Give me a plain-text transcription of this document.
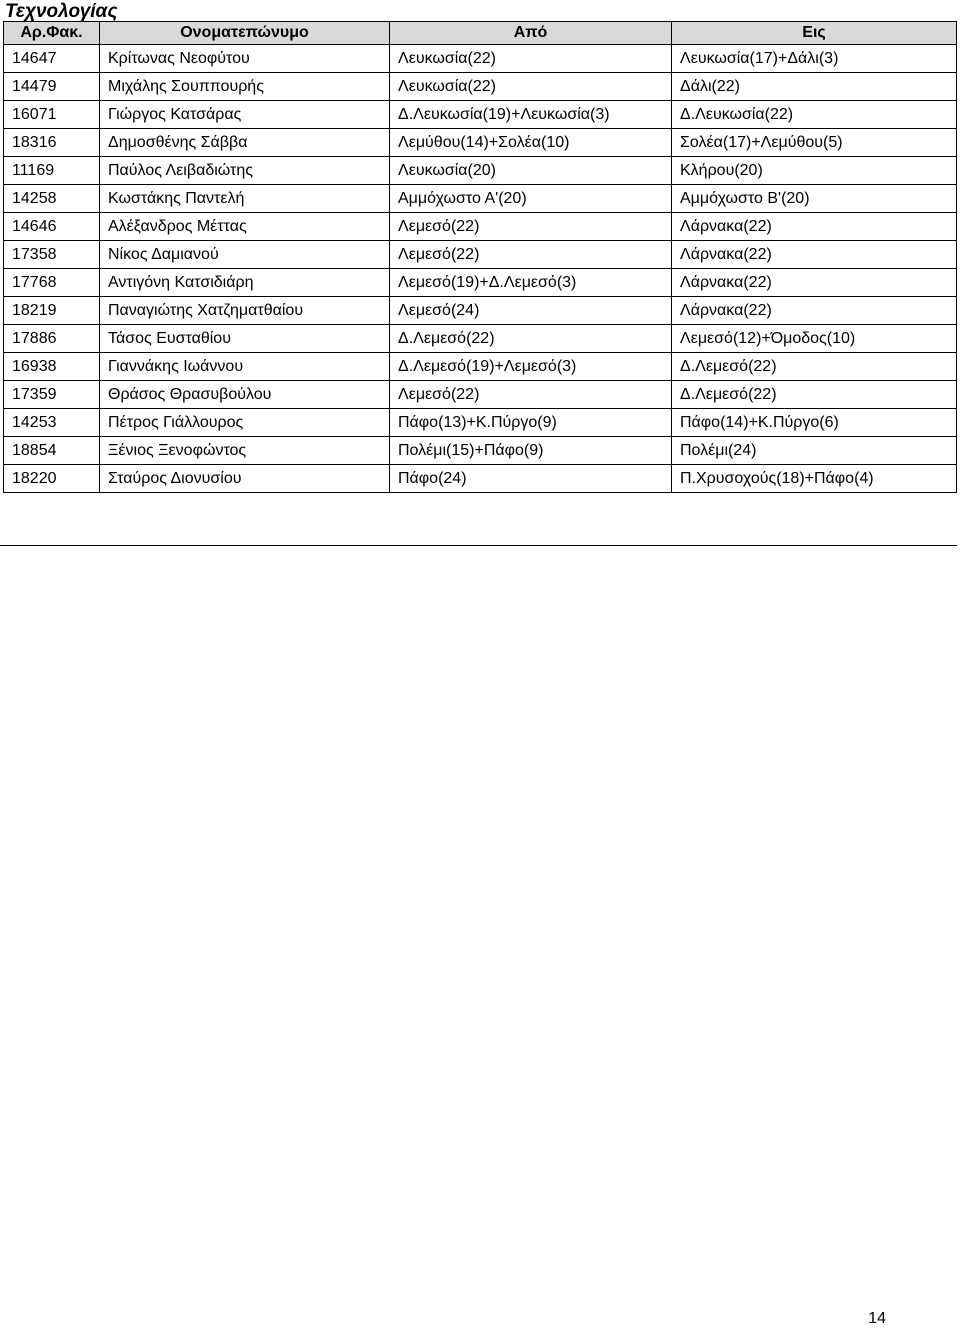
Τεχνολογίας
Αρ.Φακ.	Ονοματεπώνυμο	Από	Εις
14647	Κρίτωνας Νεοφύτου	Λευκωσία(22)	Λευκωσία(17)+Δάλι(3)
14479	Μιχάλης Σουππουρής	Λευκωσία(22)	Δάλι(22)
16071	Γιώργος Κατσάρας	Δ.Λευκωσία(19)+Λευκωσία(3)	Δ.Λευκωσία(22)
18316	Δημοσθένης Σάββα	Λεμύθου(14)+Σολέα(10)	Σολέα(17)+Λεμύθου(5)
11169	Παύλος Λειβαδιώτης	Λευκωσία(20)	Κλήρου(20)
14258	Κωστάκης Παντελή	Αμμόχωστο Α'(20)	Αμμόχωστο Β'(20)
14646	Αλέξανδρος Μέττας	Λεμεσό(22)	Λάρνακα(22)
17358	Νίκος Δαμιανού	Λεμεσό(22)	Λάρνακα(22)
17768	Αντιγόνη Κατσιδιάρη	Λεμεσό(19)+Δ.Λεμεσό(3)	Λάρνακα(22)
18219	Παναγιώτης Χατζηματθαίου	Λεμεσό(24)	Λάρνακα(22)
17886	Τάσος Ευσταθίου	Δ.Λεμεσό(22)	Λεμεσό(12)+Όμοδος(10)
16938	Γιαννάκης Ιωάννου	Δ.Λεμεσό(19)+Λεμεσό(3)	Δ.Λεμεσό(22)
17359	Θράσος Θρασυβούλου	Λεμεσό(22)	Δ.Λεμεσό(22)
14253	Πέτρος Γιάλλουρος	Πάφο(13)+Κ.Πύργο(9)	Πάφο(14)+Κ.Πύργο(6)
18854	Ξένιος Ξενοφώντος	Πολέμι(15)+Πάφο(9)	Πολέμι(24)
18220	Σταύρος Διονυσίου	Πάφο(24)	Π.Χρυσοχούς(18)+Πάφο(4)
14
